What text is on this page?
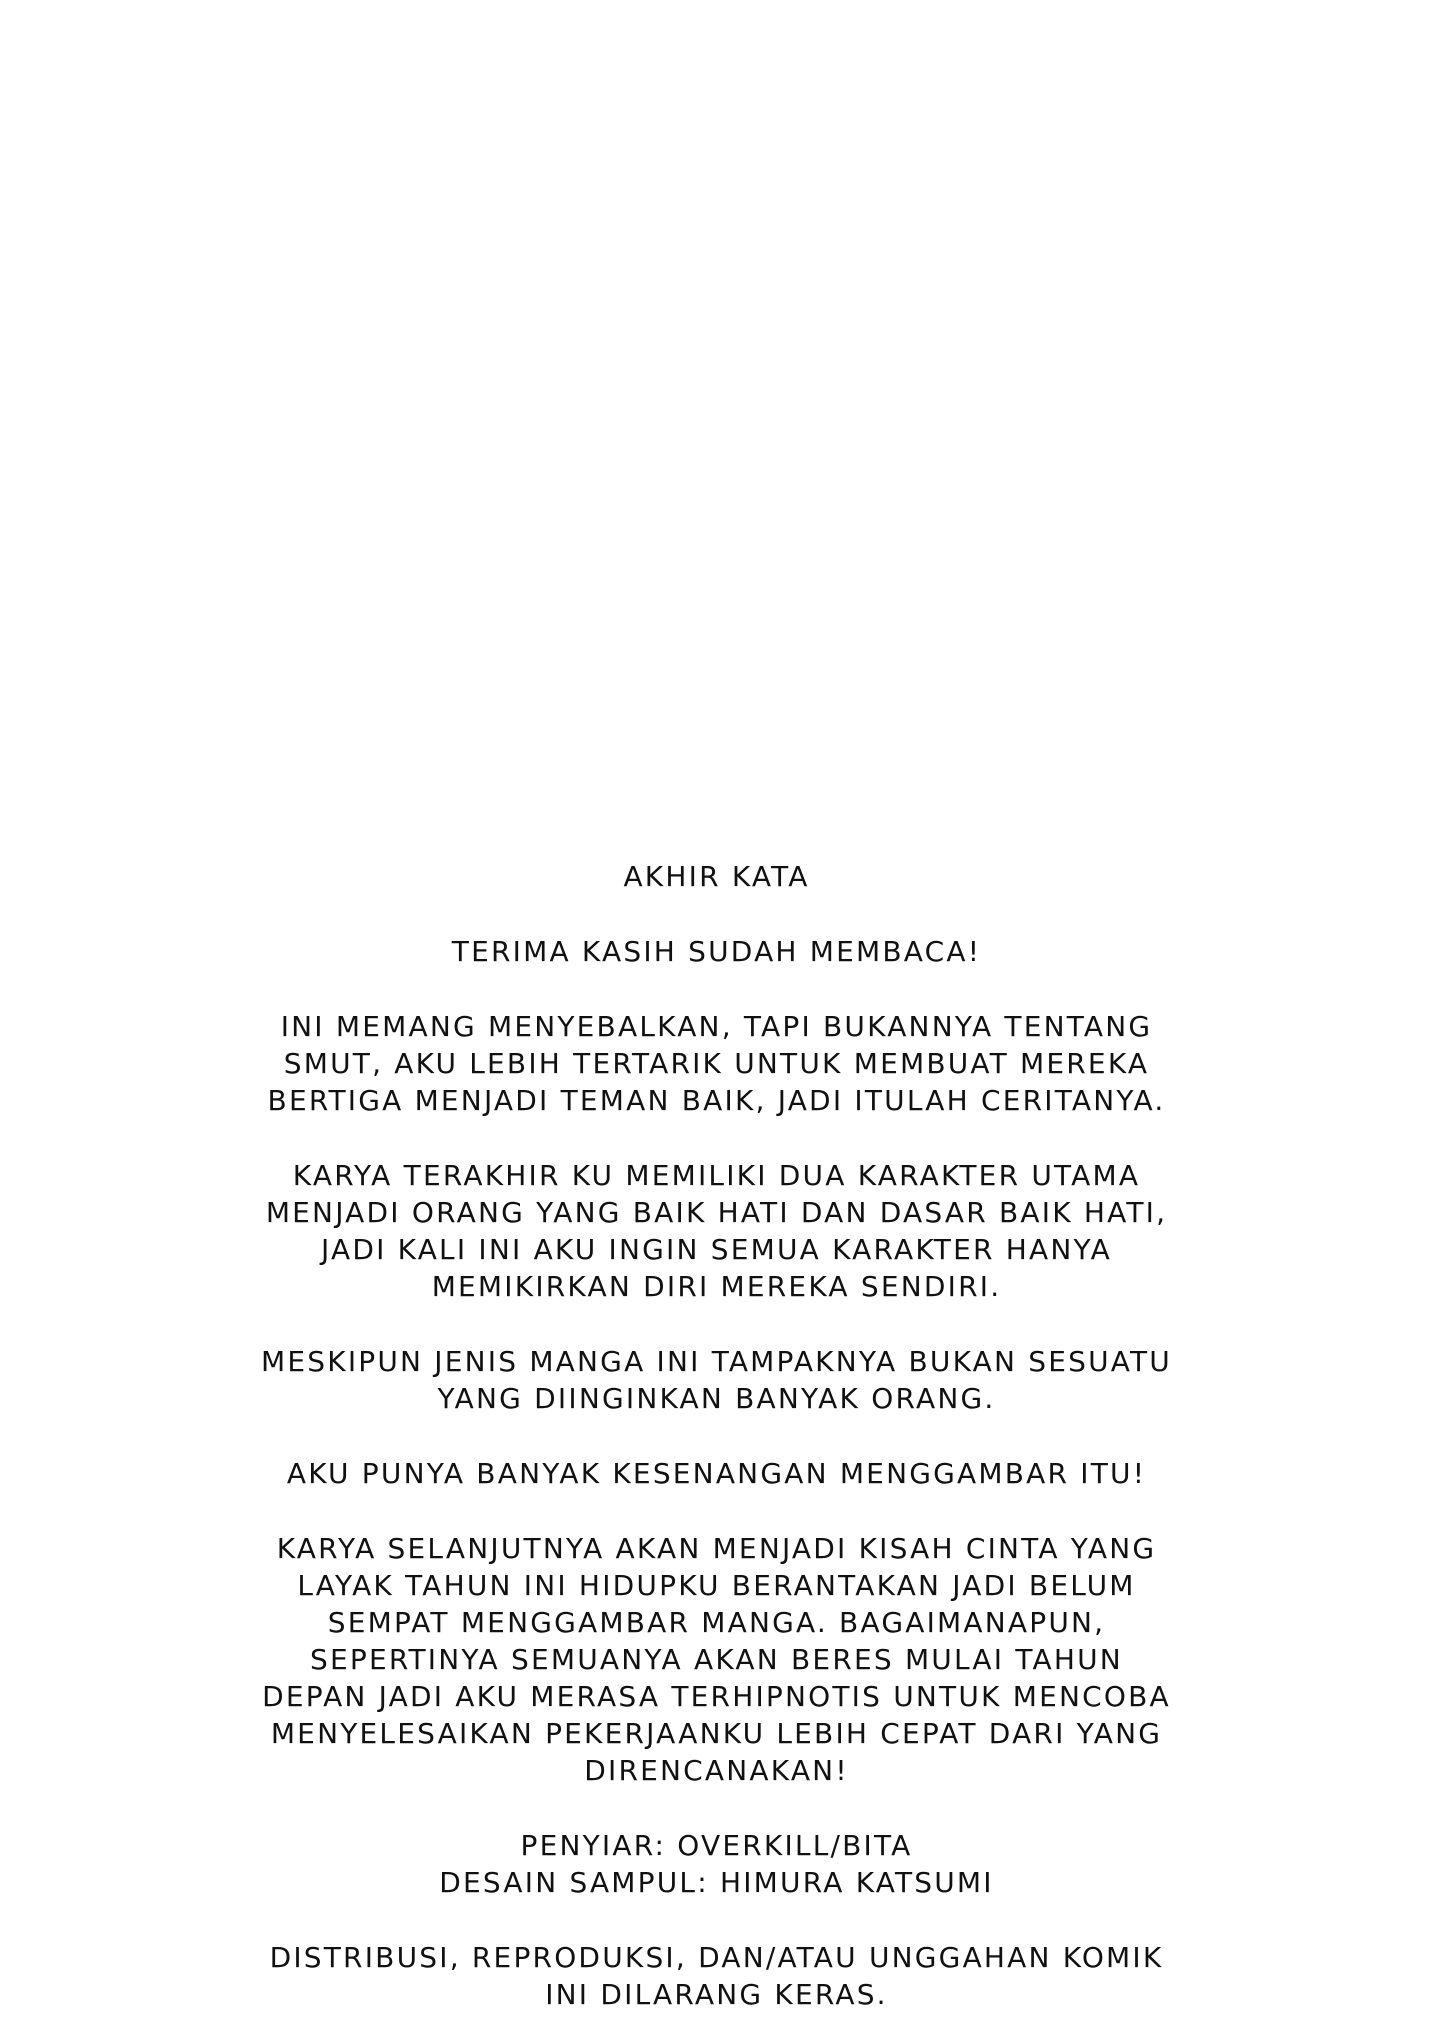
AKHIR KATA

TERIMA KASIH SUDAH MEMBACA!

INI MEMANG MENYEBALKAN, TAPI BUKANNYA TENTANG
SMUT, AKU LEBIH TERTARIK UNTUK MEMBUAT MEREKA
BERTIGA MENJADI TEMAN BAIK, JADI ITULAH CERITANYA.

KARYA TERAKHIR KU MEMILIKI DUA KARAKTER UTAMA
MENJADI ORANG YANG BAIK HATI DAN DASAR BAIK HATI,
JADI KALI INI AKU INGIN SEMUA KARAKTER HANYA
MEMIKIRKAN DIRI MEREKA SENDIRI.

MESKIPUN JENIS MANGA INI TAMPAKNYA BUKAN SESUATU
YANG DIINGINKAN BANYAK ORANG.

AKU PUNYA BANYAK KESENANGAN MENGGAMBAR ITU!

KARYA SELANJUTNYA AKAN MENJADI KISAH CINTA YANG
LAYAK TAHUN INI HIDUPKU BERANTAKAN JADI BELUM
SEMPAT MENGGAMBAR MANGA. BAGAIMANAPUN,
SEPERTINYA SEMUANYA AKAN BERES MULAI TAHUN
DEPAN JADI AKU MERASA TERHIPNOTIS UNTUK MENCOBA
MENYELESAIKAN PEKERJAANKU LEBIH CEPAT DARI YANG
DIRENCANAKAN!

PENYIAR: OVERKILL/BITA
DESAIN SAMPUL: HIMURA KATSUMI

DISTRIBUSI, REPRODUKSI, DAN/ATAU UNGGAHAN KOMIK
INI DILARANG KERAS.
